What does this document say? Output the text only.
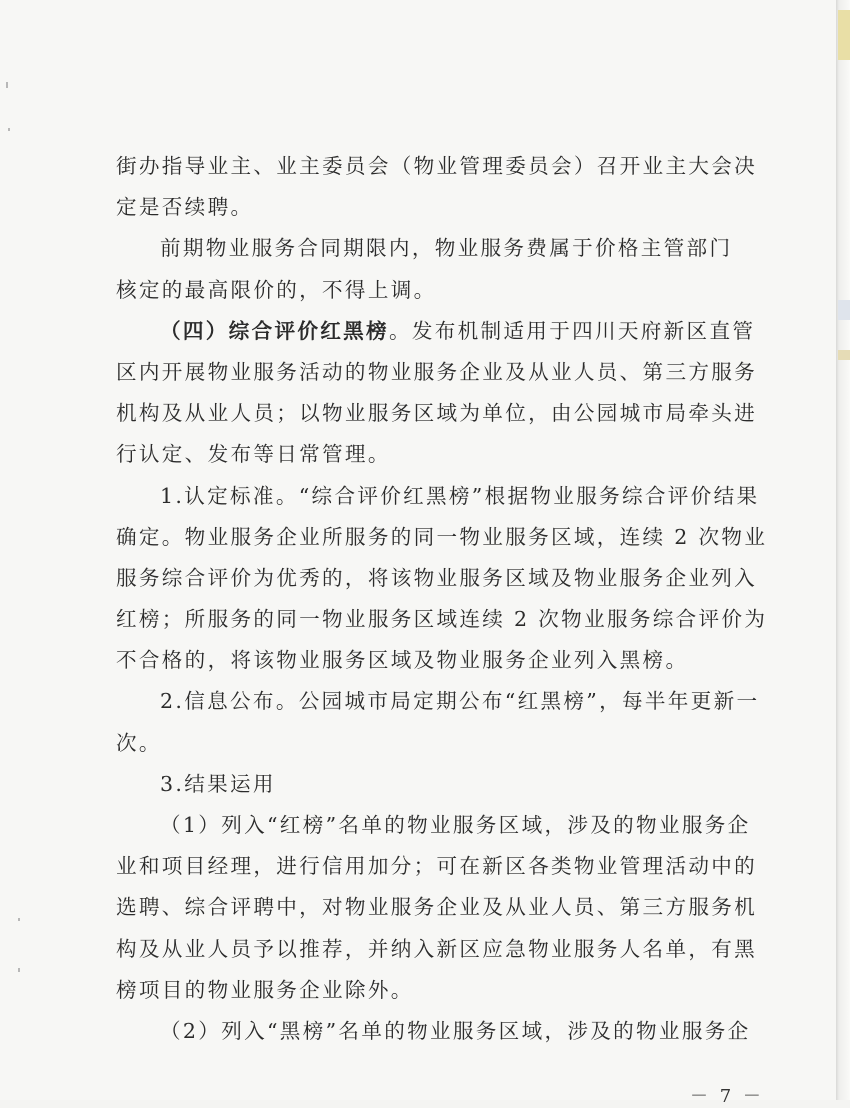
街办指导业主、业主委员会（物业管理委员会）召开业主大会决
定是否续聘。
前期物业服务合同期限内，物业服务费属于价格主管部门
核定的最高限价的，不得上调。
（四）综合评价红黑榜。发布机制适用于四川天府新区直管
区内开展物业服务活动的物业服务企业及从业人员、第三方服务
机构及从业人员；以物业服务区域为单位，由公园城市局牵头进
行认定、发布等日常管理。
1.认定标准。“综合评价红黑榜”根据物业服务综合评价结果
确定。物业服务企业所服务的同一物业服务区域，连续 2 次物业
服务综合评价为优秀的，将该物业服务区域及物业服务企业列入
红榜；所服务的同一物业服务区域连续 2 次物业服务综合评价为
不合格的，将该物业服务区域及物业服务企业列入黑榜。
2.信息公布。公园城市局定期公布“红黑榜”，每半年更新一
次。
3.结果运用
（1）列入“红榜”名单的物业服务区域，涉及的物业服务企
业和项目经理，进行信用加分；可在新区各类物业管理活动中的
选聘、综合评聘中，对物业服务企业及从业人员、第三方服务机
构及从业人员予以推荐，并纳入新区应急物业服务人名单，有黑
榜项目的物业服务企业除外。
（2）列入“黑榜”名单的物业服务区域，涉及的物业服务企
－ 7 －
